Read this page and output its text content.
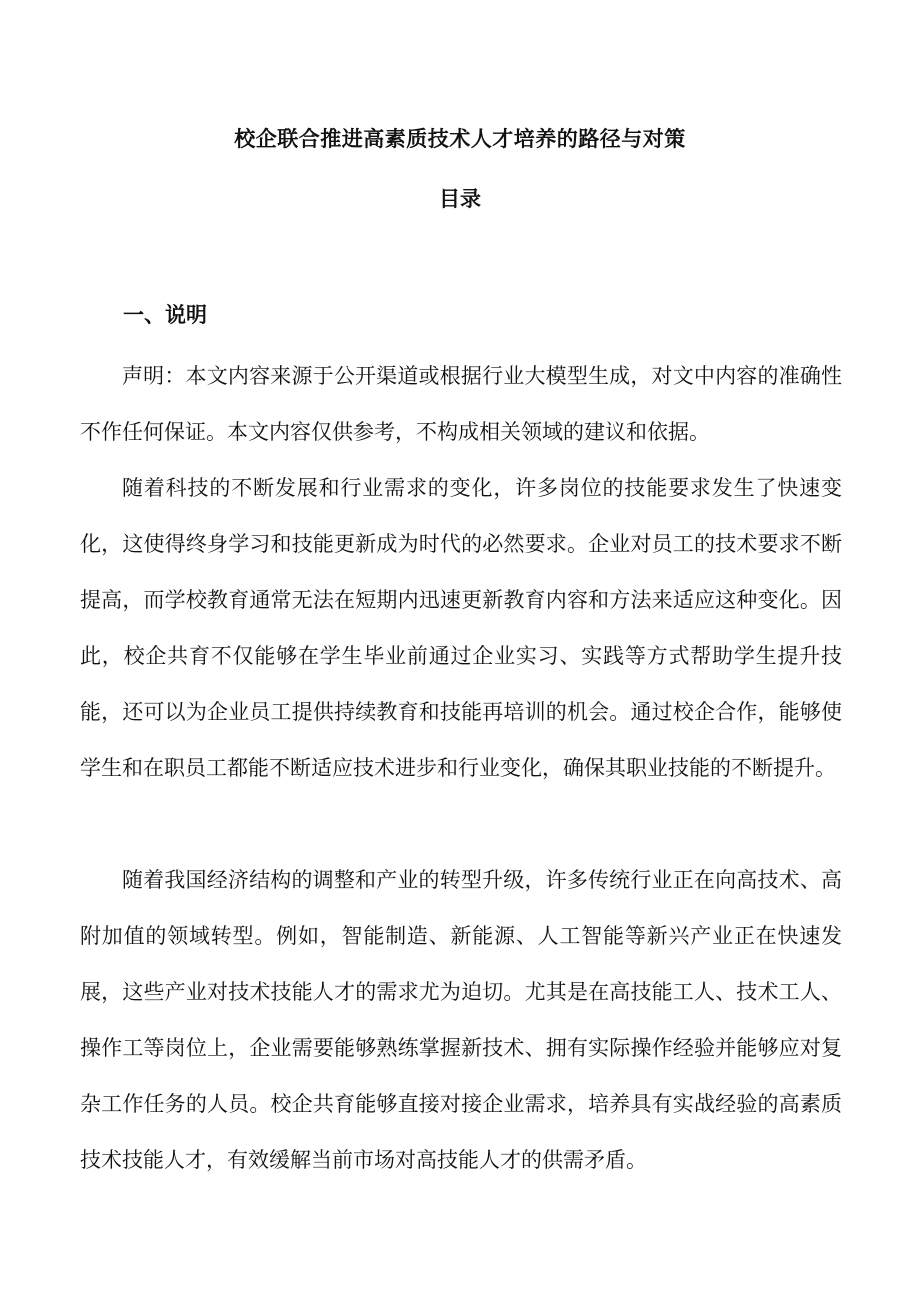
校企联合推进高素质技术人才培养的路径与对策
目录
一、说明

声明：本文内容来源于公开渠道或根据行业大模型生成，对文中内容的准确性不作任何保证。本文内容仅供参考，不构成相关领域的建议和依据。

随着科技的不断发展和行业需求的变化，许多岗位的技能要求发生了快速变化，这使得终身学习和技能更新成为时代的必然要求。企业对员工的技术要求不断提高，而学校教育通常无法在短期内迅速更新教育内容和方法来适应这种变化。因此，校企共育不仅能够在学生毕业前通过企业实习、实践等方式帮助学生提升技能，还可以为企业员工提供持续教育和技能再培训的机会。通过校企合作，能够使学生和在职员工都能不断适应技术进步和行业变化，确保其职业技能的不断提升。

随着我国经济结构的调整和产业的转型升级，许多传统行业正在向高技术、高附加值的领域转型。例如，智能制造、新能源、人工智能等新兴产业正在快速发展，这些产业对技术技能人才的需求尤为迫切。尤其是在高技能工人、技术工人、操作工等岗位上，企业需要能够熟练掌握新技术、拥有实际操作经验并能够应对复杂工作任务的人员。校企共育能够直接对接企业需求，培养具有实战经验的高素质技术技能人才，有效缓解当前市场对高技能人才的供需矛盾。
